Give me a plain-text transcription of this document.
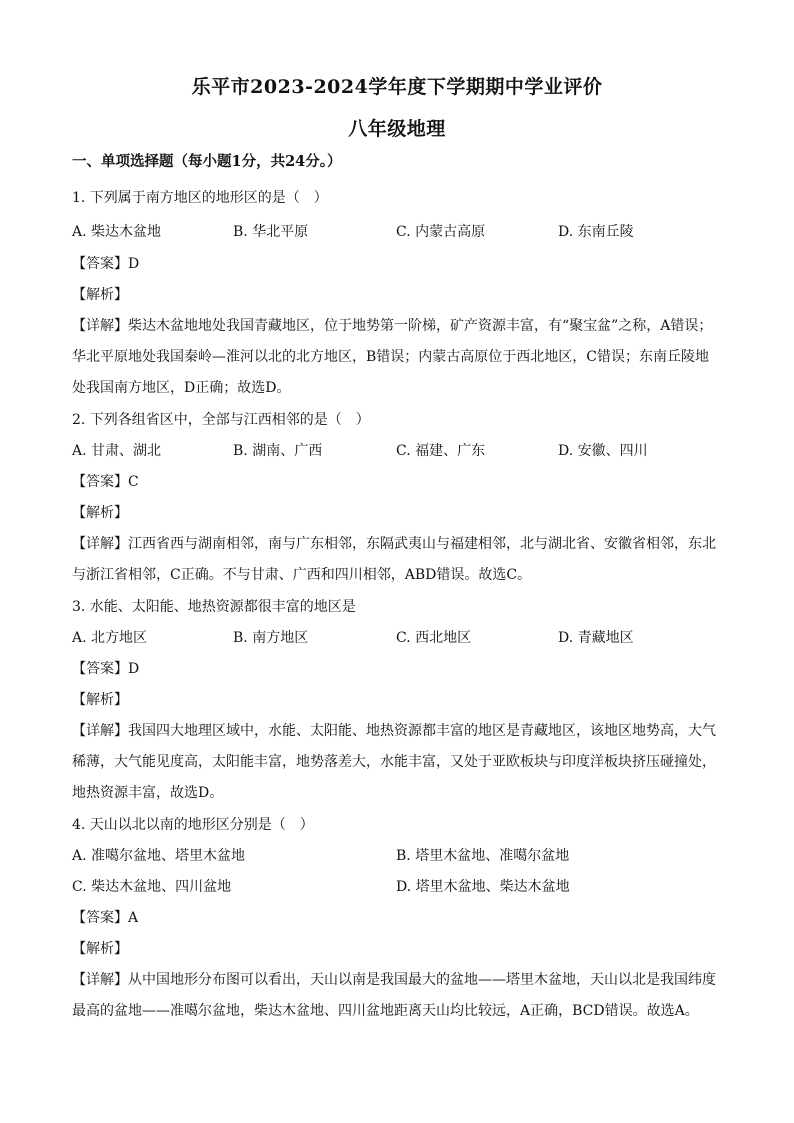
乐平市2023-2024学年度下学期期中学业评价
八年级地理
一、单项选择题（每小题1分，共24分。）
1. 下列属于南方地区的地形区的是（　）
A. 柴达木盆地	B. 华北平原	C. 内蒙古高原	D. 东南丘陵
【答案】D
【解析】
【详解】柴达木盆地地处我国青藏地区，位于地势第一阶梯，矿产资源丰富，有“聚宝盆”之称，A错误；
华北平原地处我国秦岭—淮河以北的北方地区，B错误；内蒙古高原位于西北地区，C错误；东南丘陵地
处我国南方地区，D正确；故选D。
2. 下列各组省区中，全部与江西相邻的是（　）
A. 甘肃、湖北	B. 湖南、广西	C. 福建、广东	D. 安徽、四川
【答案】C
【解析】
【详解】江西省西与湖南相邻，南与广东相邻，东隔武夷山与福建相邻，北与湖北省、安徽省相邻，东北
与浙江省相邻，C正确。不与甘肃、广西和四川相邻，ABD错误。故选C。
3. 水能、太阳能、地热资源都很丰富的地区是
A. 北方地区	B. 南方地区	C. 西北地区	D. 青藏地区
【答案】D
【解析】
【详解】我国四大地理区域中，水能、太阳能、地热资源都丰富的地区是青藏地区，该地区地势高，大气
稀薄，大气能见度高，太阳能丰富，地势落差大，水能丰富，又处于亚欧板块与印度洋板块挤压碰撞处，
地热资源丰富，故选D。
4. 天山以北以南的地形区分别是（　）
A. 准噶尔盆地、塔里木盆地	B. 塔里木盆地、准噶尔盆地
C. 柴达木盆地、四川盆地	D. 塔里木盆地、柴达木盆地
【答案】A
【解析】
【详解】从中国地形分布图可以看出，天山以南是我国最大的盆地——塔里木盆地，天山以北是我国纬度
最高的盆地——准噶尔盆地，柴达木盆地、四川盆地距离天山均比较远，A正确，BCD错误。故选A。
